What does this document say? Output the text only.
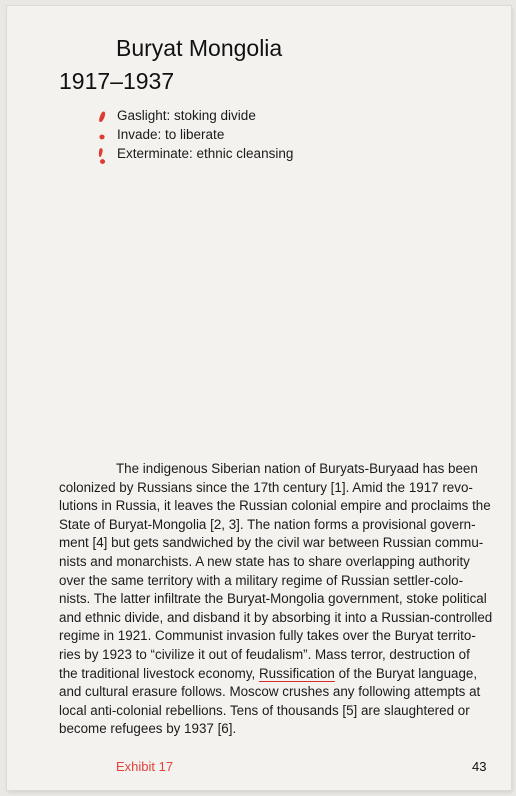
Buryat Mongolia
1917–1937
Gaslight: stoking divide
Invade: to liberate
Exterminate: ethnic cleansing

The indigenous Siberian nation of Buryats-Buryaad has been
colonized by Russians since the 17th century [1]. Amid the 1917 revo-
lutions in Russia, it leaves the Russian colonial empire and proclaims the
State of Buryat-Mongolia [2, 3]. The nation forms a provisional govern-
ment [4] but gets sandwiched by the civil war between Russian commu-
nists and monarchists. A new state has to share overlapping authority
over the same territory with a military regime of Russian settler-colo-
nists. The latter infiltrate the Buryat-Mongolia government, stoke political
and ethnic divide, and disband it by absorbing it into a Russian-controlled
regime in 1921. Communist invasion fully takes over the Buryat territo-
ries by 1923 to “civilize it out of feudalism”. Mass terror, destruction of
the traditional livestock economy, Russification of the Buryat language,
and cultural erasure follows. Moscow crushes any following attempts at
local anti-colonial rebellions. Tens of thousands [5] are slaughtered or
become refugees by 1937 [6].

Exhibit 17	43
